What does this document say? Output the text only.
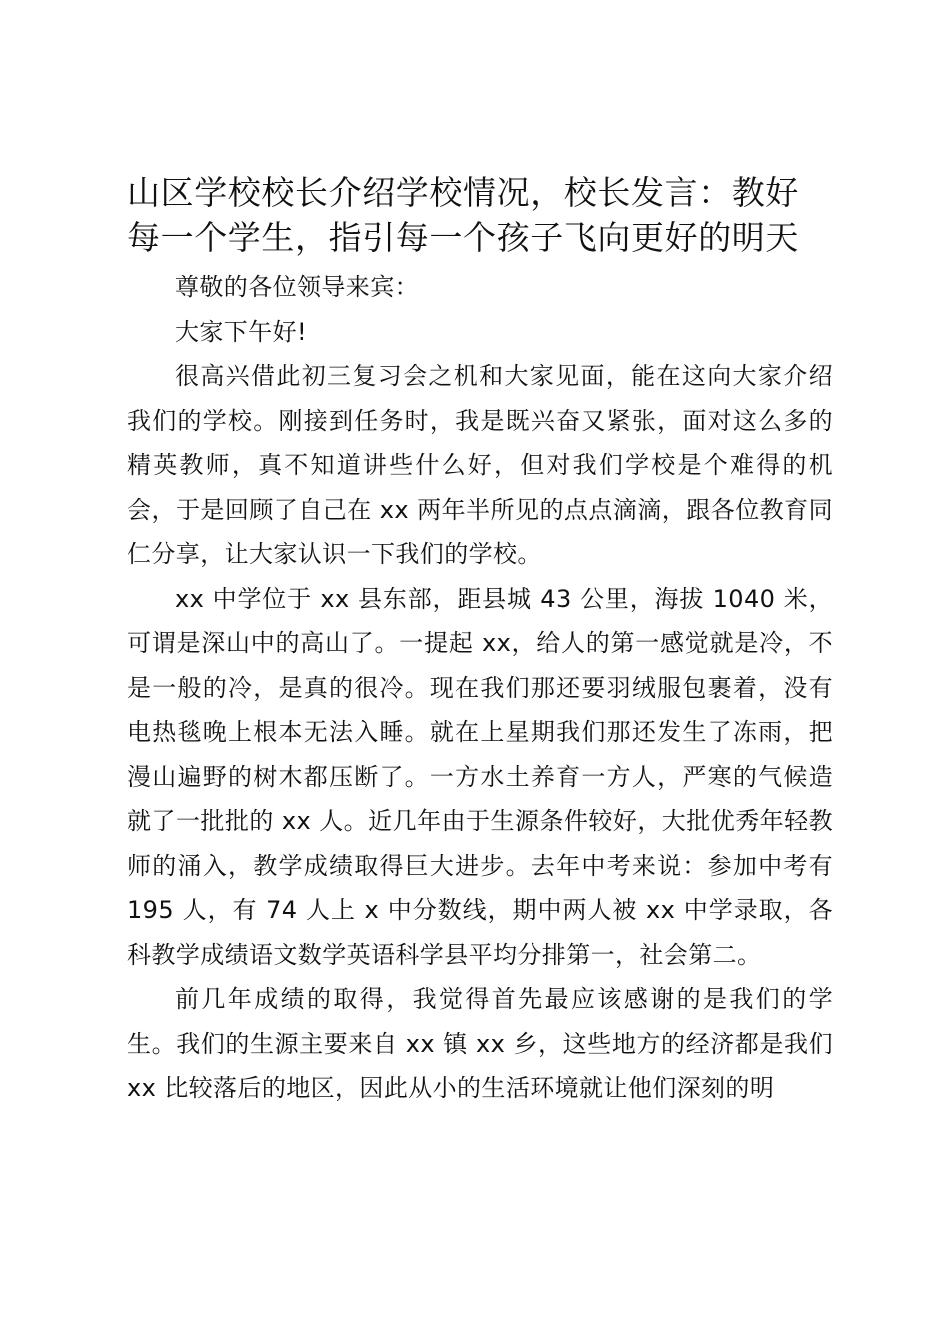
山区学校校长介绍学校情况，校长发言：教好
每一个学生，指引每一个孩子飞向更好的明天

尊敬的各位领导来宾：

大家下午好!

很高兴借此初三复习会之机和大家见面，能在这向大家介绍我们的学校。刚接到任务时，我是既兴奋又紧张，面对这么多的精英教师，真不知道讲些什么好，但对我们学校是个难得的机会，于是回顾了自己在 xx 两年半所见的点点滴滴，跟各位教育同仁分享，让大家认识一下我们的学校。

xx 中学位于 xx 县东部，距县城 43 公里，海拔 1040 米，可谓是深山中的高山了。一提起 xx，给人的第一感觉就是冷，不是一般的冷，是真的很冷。现在我们那还要羽绒服包裹着，没有电热毯晚上根本无法入睡。就在上星期我们那还发生了冻雨，把漫山遍野的树木都压断了。一方水土养育一方人，严寒的气候造就了一批批的 xx 人。近几年由于生源条件较好，大批优秀年轻教师的涌入，教学成绩取得巨大进步。去年中考来说：参加中考有 195 人，有 74 人上 x 中分数线，期中两人被 xx 中学录取，各科教学成绩语文数学英语科学县平均分排第一，社会第二。

前几年成绩的取得，我觉得首先最应该感谢的是我们的学生。我们的生源主要来自 xx 镇 xx 乡，这些地方的经济都是我们 xx 比较落后的地区，因此从小的生活环境就让他们深刻的明
